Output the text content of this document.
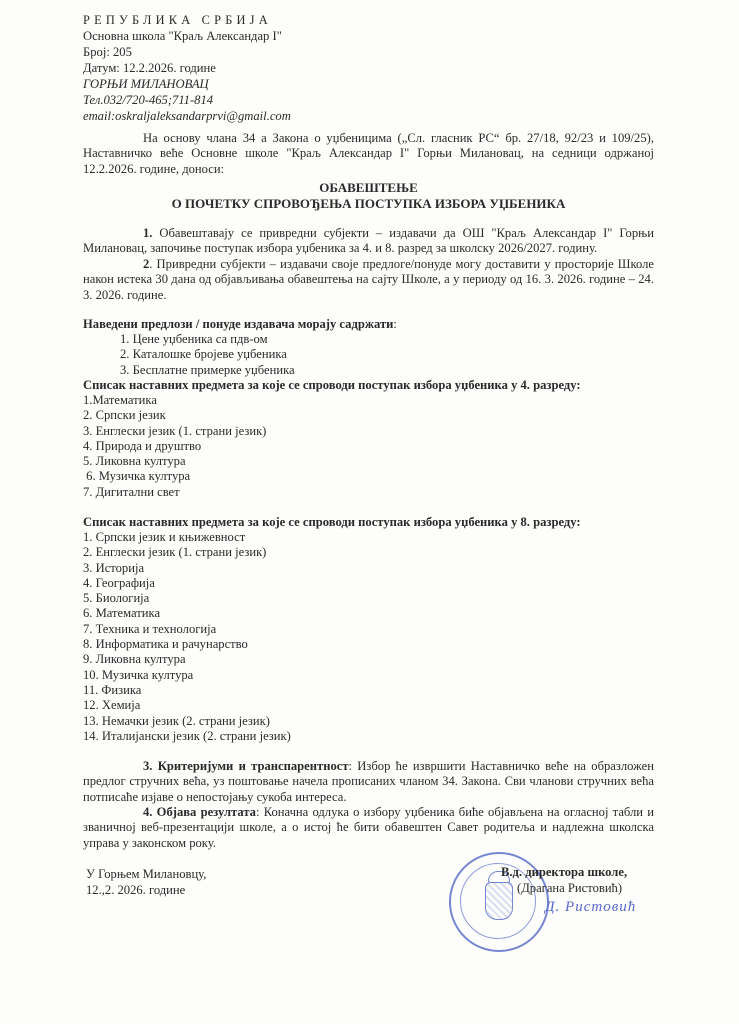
РЕПУБЛИКА СРБИЈА
Основна школа "Краљ Александар I"
Број: 205
Датум: 12.2.2026. године
ГОРЊИ МИЛАНОВАЦ
Тел.032/720-465;711-814
email:oskraljaleksandarprvi@gmail.com
На основу члана 34 а Закона о уџбеницима („Сл. гласник РС“ бр. 27/18, 92/23 и 109/25), Наставничко веће Основне школе "Краљ Александар I" Горњи Милановац, на седници одржаној 12.2.2026. године, доноси:
ОБАВЕШТЕЊЕ
О ПОЧЕТКУ СПРОВОЂЕЊА ПОСТУПКА ИЗБОРА УЏБЕНИКА
1. Обавештавају се привредни субјекти – издавачи да ОШ "Краљ Александар I" Горњи Милановац, започиње поступак избора уџбеника за 4. и 8. разред за школску 2026/2027. годину.
2. Привредни субјекти – издавачи своје предлоге/понуде могу доставити у просторије Школе након истека 30 дана од објављивања обавештења на сајту Школе, а у периоду од 16. 3. 2026. године – 24. 3. 2026. године.
Наведени предлози / понуде издавача морају садржати:
1. Цене уџбеника са пдв-ом
2. Каталошке бројеве уџбеника
3. Бесплатне примерке уџбеника
Списак наставних предмета за које се спроводи поступак избора уџбеника у 4. разреду:
1.Математика
2. Српски језик
3. Енглески језик (1. страни језик)
4. Природа и друштво
5. Ликовна култура
6. Музичка култура
7. Дигитални свет
Списак наставних предмета за које се спроводи поступак избора уџбеника у 8. разреду:
1. Српски језик и књижевност
2. Енглески језик (1. страни језик)
3. Историја
4. Географија
5. Биологија
6. Математика
7. Техника и технологија
8. Информатика и рачунарство
9. Ликовна култура
10. Музичка култура
11. Физика
12. Хемија
13. Немачки језик (2. страни језик)
14. Италијански језик (2. страни језик)
3. Критеријуми и транспарентност: Избор ће извршити Наставничко веће на образложен предлог стручних већа, уз поштовање начела прописаних чланом 34. Закона. Сви чланови стручних већа потписаће изјаве о непостојању сукоба интереса.
4. Објава резултата: Коначна одлука о избору уџбеника биће објављена на огласној табли и званичној веб-презентацији школе, а о истој ће бити обавештен Савет родитеља и надлежна школска управа у законском року.
У Горњем Милановцу,
12.,2. 2026. године
В.д. директора школе,
(Драгана Ристовић)
Д. Ристовић
